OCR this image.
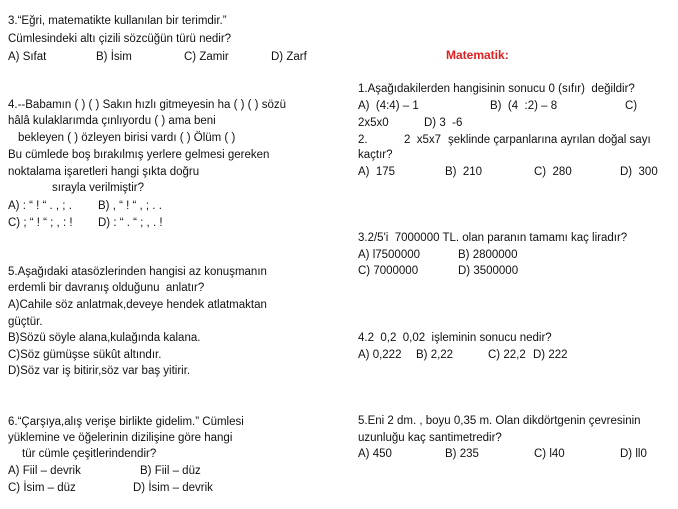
Matematik:
3.“Eğri, matematikte kullanılan bir terimdir.”
Cümlesindeki altı çizili sözcüğün türü nedir?
A) Sıfat	B) İsim	C) Zamir	D) Zarf
4.--Babamın ( ) ( ) Sakın hızlı gitmeyesin ha ( ) ( ) sözü
hâlâ kulaklarımda çınlıyordu ( ) ama beni
bekleyen ( ) özleyen birisi vardı ( ) Ölüm ( )
Bu cümlede boş bırakılmış yerlere gelmesi gereken
noktalama işaretleri hangi şıkta doğru
sırayla verilmiştir?
A) : “ ! “ . , ; . B) , “ ! “ , ; . .
C) ; “ ! “ ; , : ! D) : “ . “ ; , . !
5.Aşağıdaki atasözlerinden hangisi az konuşmanın
erdemli bir davranış olduğunu  anlatır?
A)Cahile söz anlatmak,deveye hendek atlatmaktan
güçtür.
B)Sözü söyle alana,kulağında kalana.
C)Söz gümüşse sükût altındır.
D)Söz var iş bitirir,söz var baş yitirir.
6.“Çarşıya,alış verişe birlikte gidelim.” Cümlesi
yüklemine ve öğelerinin dizilişine göre hangi
tür cümle çeşitlerindendir?
A) Fiil – devrik	B) Fiil – düz
C) İsim – düz	D) İsim – devrik
1.Aşağıdakilerden hangisinin sonucu 0 (sıfır)  değildir?
A)  (4:4) – 1	B)  (4  :2) – 8	C)
2x5x0	D) 3  -6
2.	2  x5x7 şeklinde çarpanlarına ayrılan doğal sayı
kaçtır?
A)  175	B)  210	C)  280	D)  300
3.2/5'i  7000000 TL. olan paranın tamamı kaç liradır?
A) l7500000	B) 2800000
C) 7000000	D) 3500000
4.2  0,2  0,02  işleminin sonucu nedir?
A) 0,222 B) 2,22	C) 22,2 D) 222
5.Eni 2 dm. , boyu 0,35 m. Olan dikdörtgenin çevresinin
uzunluğu kaç santimetredir?
A) 450	B) 235	C) l40	D) ll0
